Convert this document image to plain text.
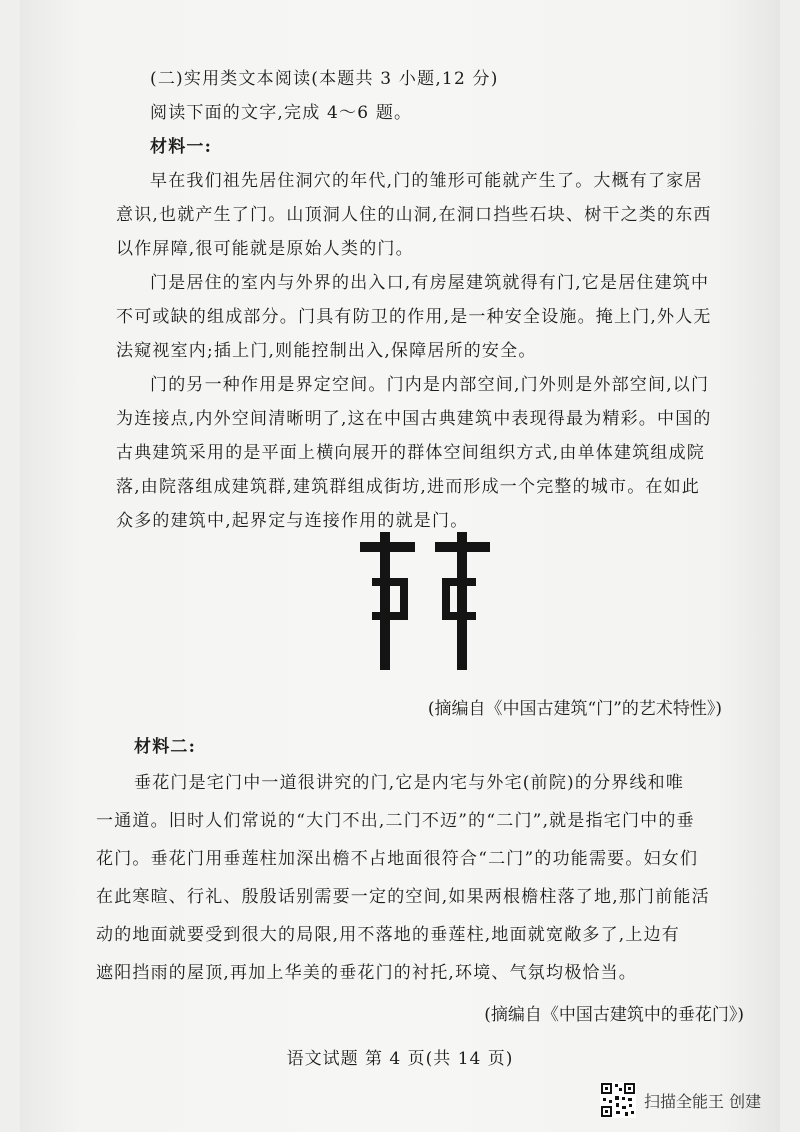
(二)实用类文本阅读(本题共 3 小题,12 分)
阅读下面的文字,完成 4～6 题。
材料一:
早在我们祖先居住洞穴的年代,门的雏形可能就产生了。大概有了家居
意识,也就产生了门。山顶洞人住的山洞,在洞口挡些石块、树干之类的东西
以作屏障,很可能就是原始人类的门。
门是居住的室内与外界的出入口,有房屋建筑就得有门,它是居住建筑中
不可或缺的组成部分。门具有防卫的作用,是一种安全设施。掩上门,外人无
法窥视室内;插上门,则能控制出入,保障居所的安全。
门的另一种作用是界定空间。门内是内部空间,门外则是外部空间,以门
为连接点,内外空间清晰明了,这在中国古典建筑中表现得最为精彩。中国的
古典建筑采用的是平面上横向展开的群体空间组织方式,由单体建筑组成院
落,由院落组成建筑群,建筑群组成街坊,进而形成一个完整的城市。在如此
众多的建筑中,起界定与连接作用的就是门。
(摘编自《中国古建筑“门”的艺术特性》)
材料二:
垂花门是宅门中一道很讲究的门,它是内宅与外宅(前院)的分界线和唯
一通道。旧时人们常说的“大门不出,二门不迈”的“二门”,就是指宅门中的垂
花门。垂花门用垂莲柱加深出檐不占地面很符合“二门”的功能需要。妇女们
在此寒暄、行礼、殷殷话别需要一定的空间,如果两根檐柱落了地,那门前能活
动的地面就要受到很大的局限,用不落地的垂莲柱,地面就宽敞多了,上边有
遮阳挡雨的屋顶,再加上华美的垂花门的衬托,环境、气氛均极恰当。
(摘编自《中国古建筑中的垂花门》)
语文试题 第 4 页(共 14 页)
扫描全能王 创建
